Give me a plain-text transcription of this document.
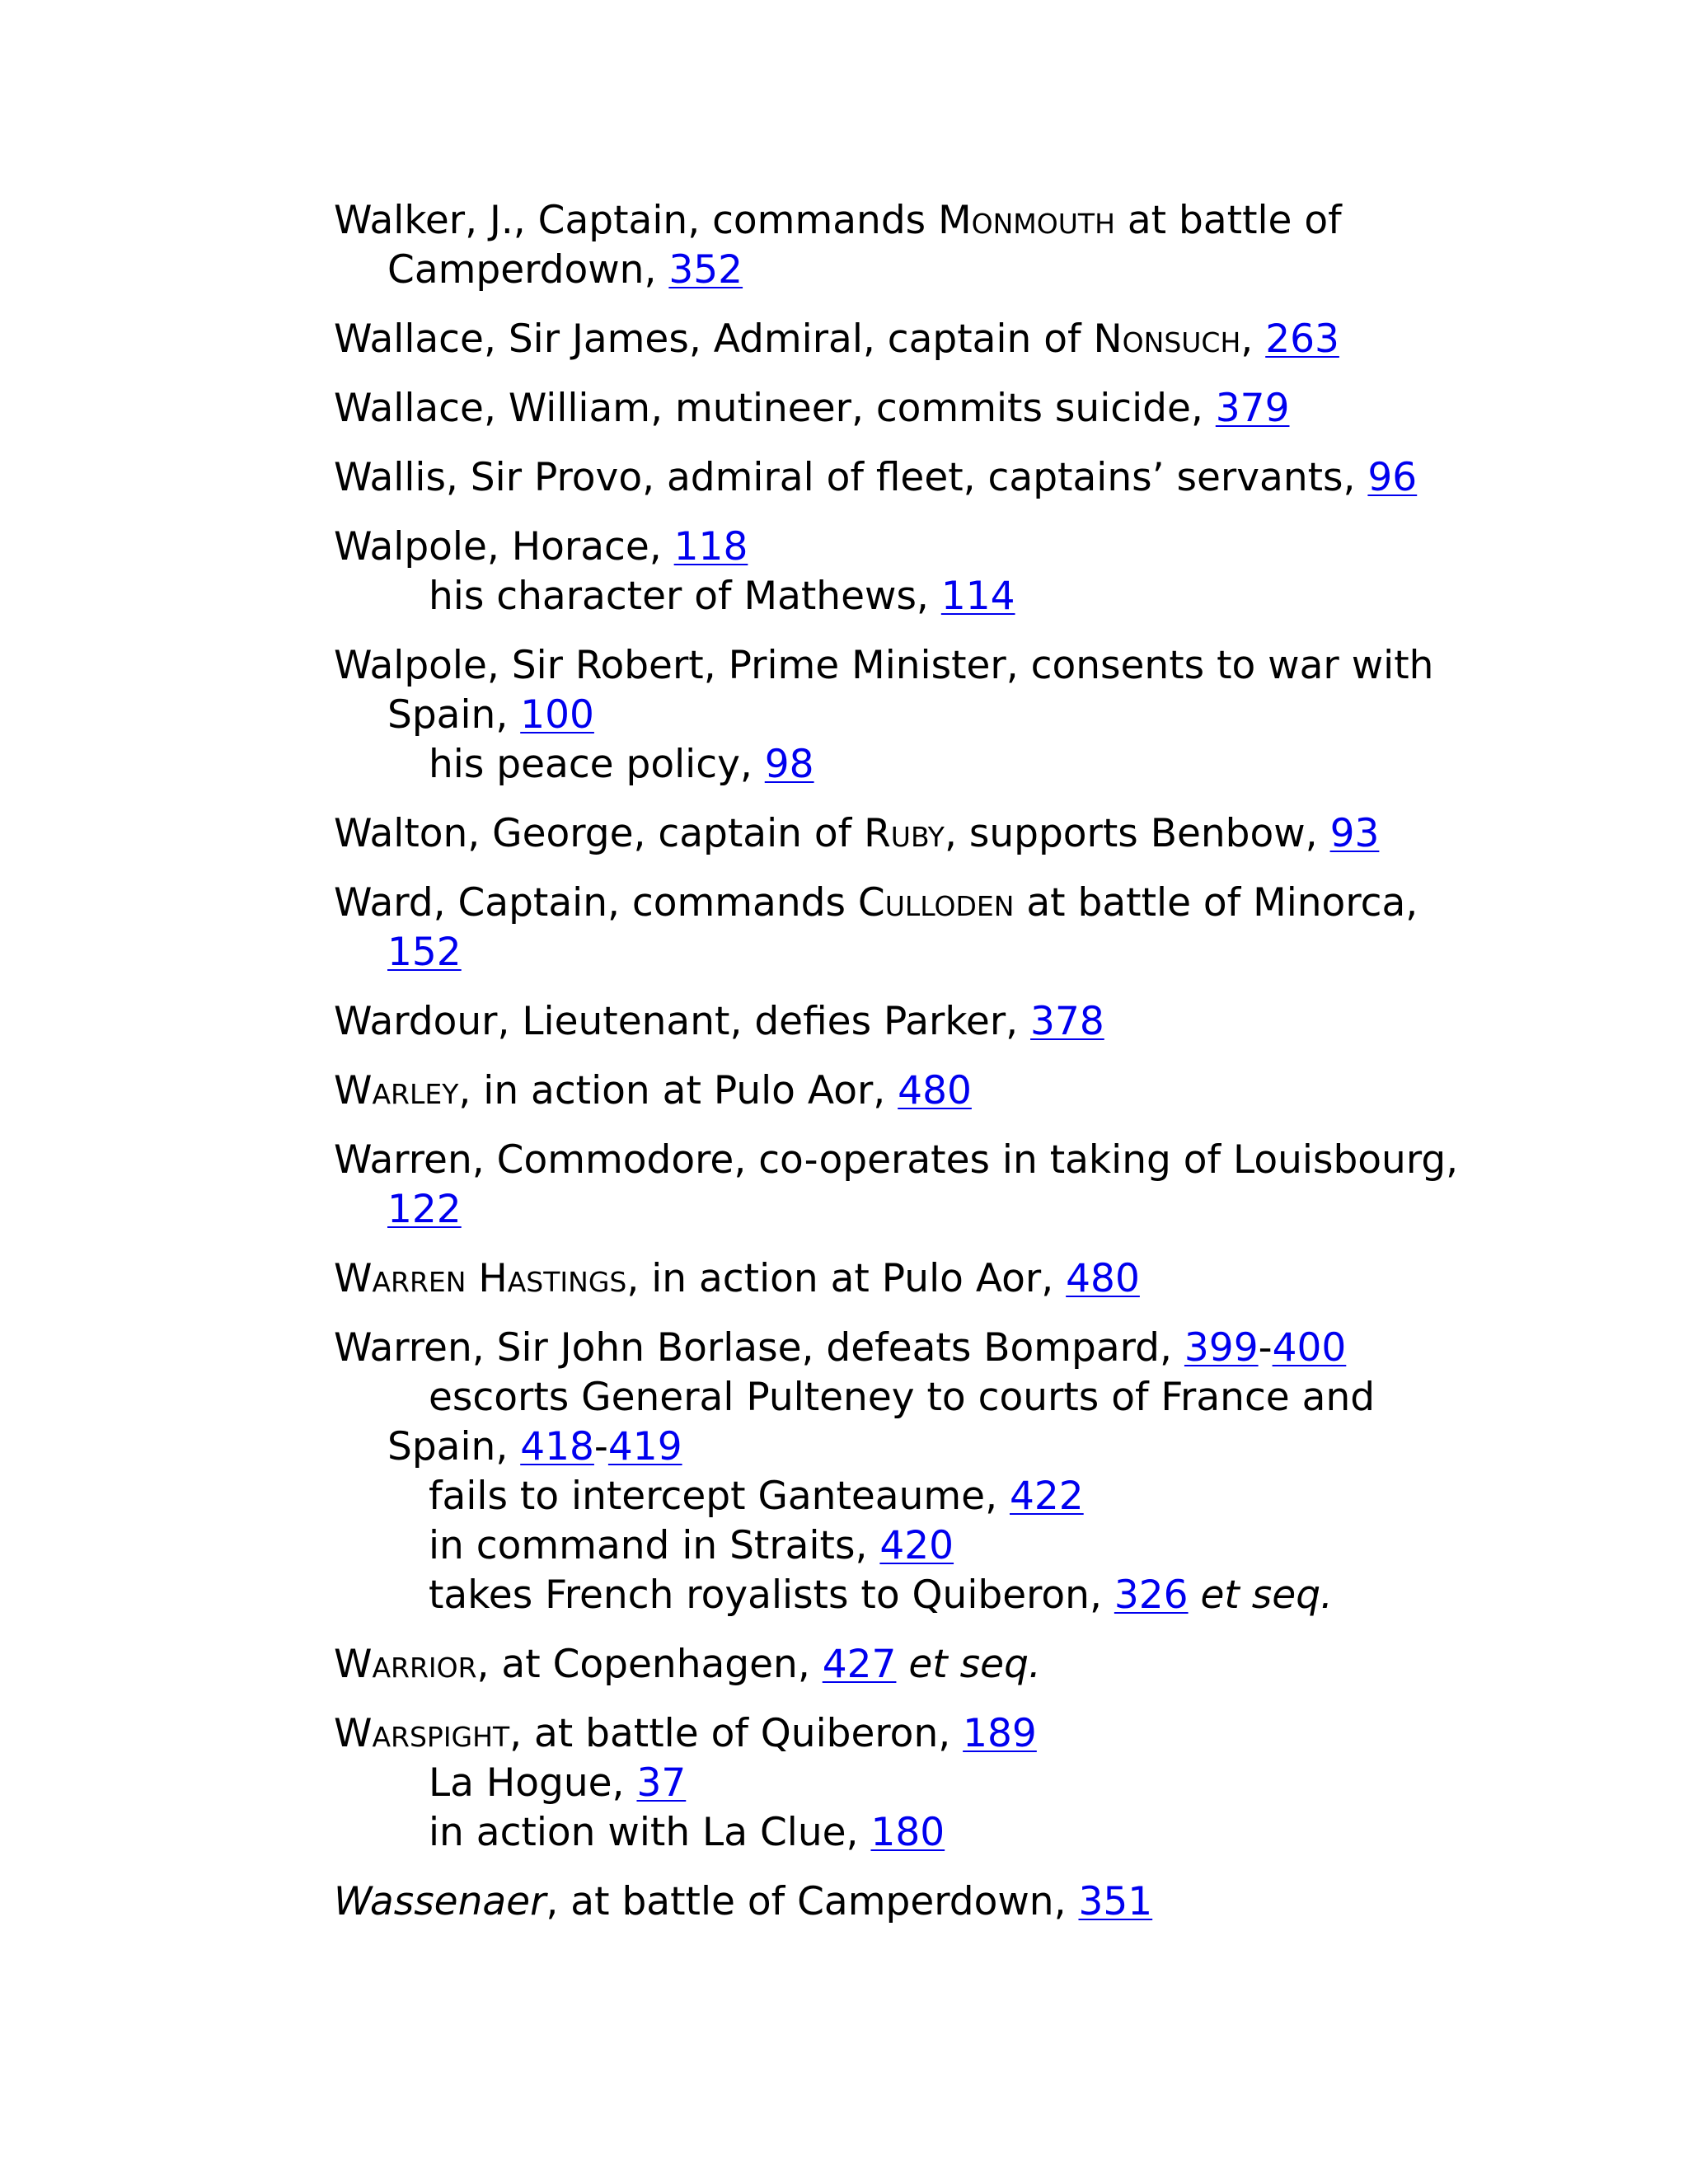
Walker, J., Captain, commands Monmouth at battle of
Camperdown, 352

Wallace, Sir James, Admiral, captain of Nonsuch, 263

Wallace, William, mutineer, commits suicide, 379

Wallis, Sir Provo, admiral of fleet, captains’ servants, 96

Walpole, Horace, 118
his character of Mathews, 114

Walpole, Sir Robert, Prime Minister, consents to war with
Spain, 100
his peace policy, 98

Walton, George, captain of Ruby, supports Benbow, 93

Ward, Captain, commands Culloden at battle of Minorca,
152

Wardour, Lieutenant, defies Parker, 378

Warley, in action at Pulo Aor, 480

Warren, Commodore, co-operates in taking of Louisbourg,
122

Warren Hastings, in action at Pulo Aor, 480

Warren, Sir John Borlase, defeats Bompard, 399-400
escorts General Pulteney to courts of France and
Spain, 418-419
fails to intercept Ganteaume, 422
in command in Straits, 420
takes French royalists to Quiberon, 326 et seq.

Warrior, at Copenhagen, 427 et seq.

Warspight, at battle of Quiberon, 189
La Hogue, 37
in action with La Clue, 180

Wassenaer, at battle of Camperdown, 351
